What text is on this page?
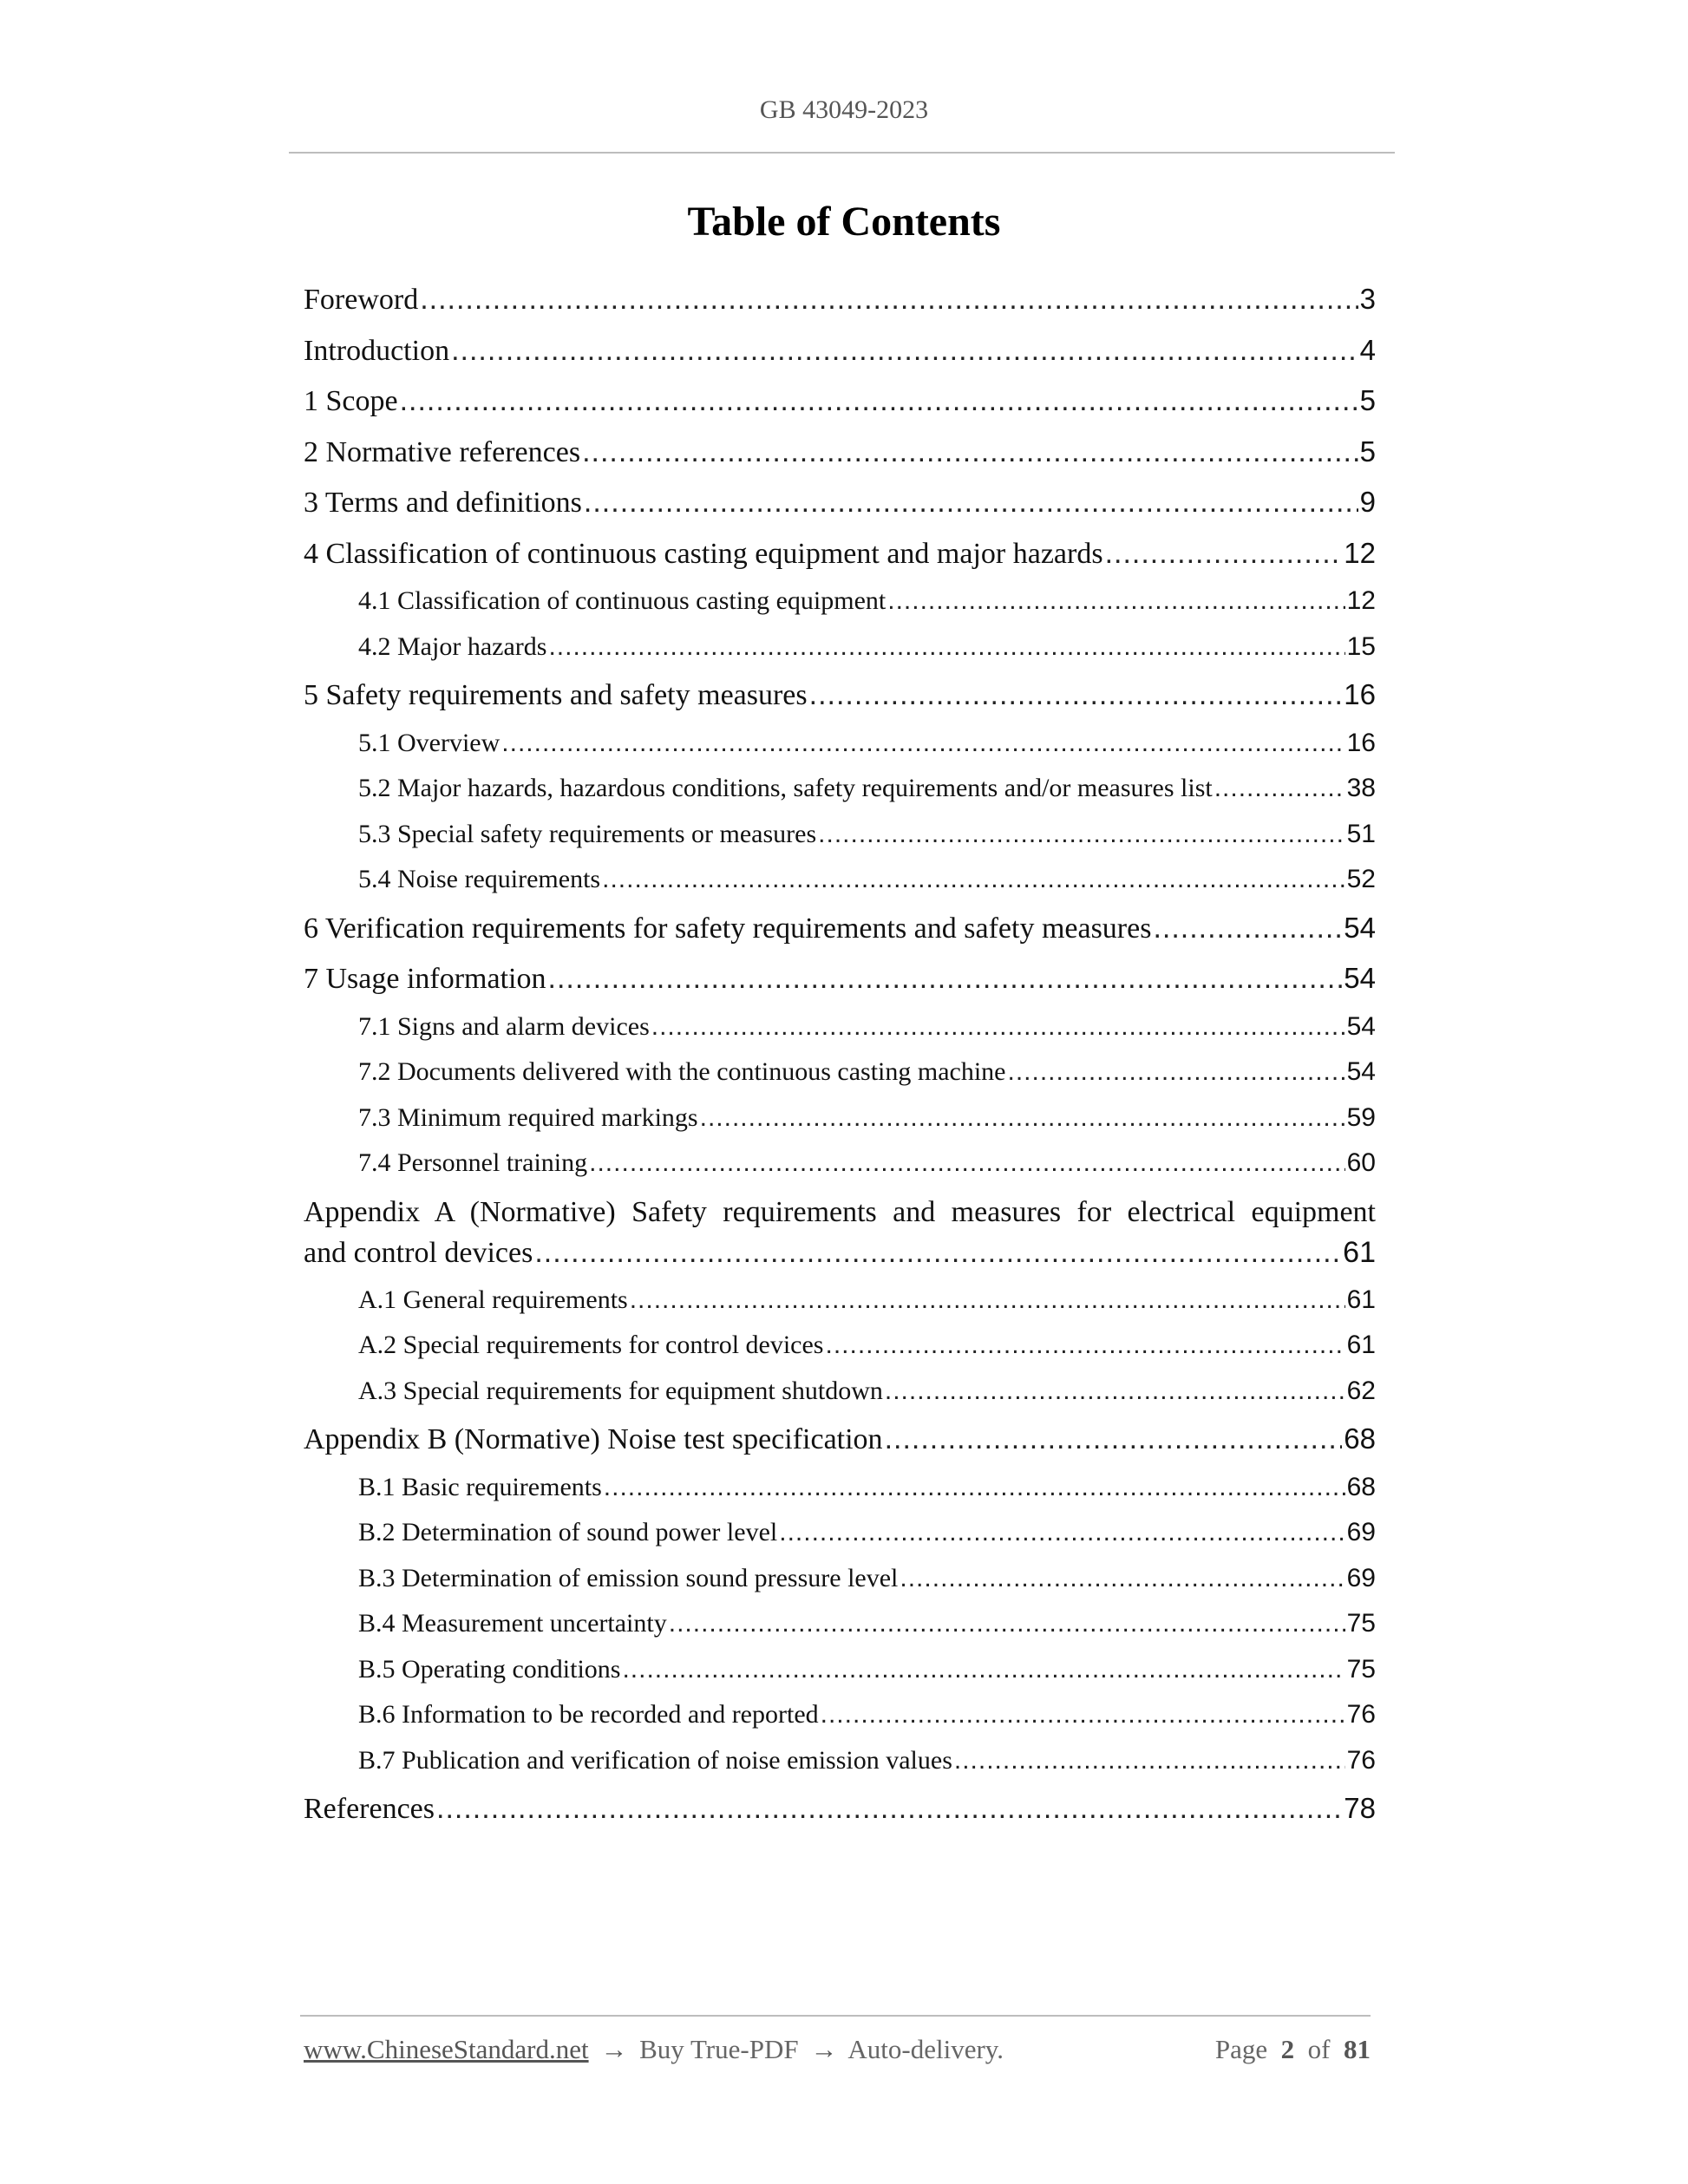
GB 43049-2023
Table of Contents
Foreword .....	3
Introduction .....	4
1 Scope .....	5
2 Normative references .....	5
3 Terms and definitions .....	9
4 Classification of continuous casting equipment and major hazards .....	12
4.1 Classification of continuous casting equipment .....	12
4.2 Major hazards .....	15
5 Safety requirements and safety measures .....	16
5.1 Overview .....	16
5.2 Major hazards, hazardous conditions, safety requirements and/or measures list .....	38
5.3 Special safety requirements or measures .....	51
5.4 Noise requirements .....	52
6 Verification requirements for safety requirements and safety measures .....	54
7 Usage information .....	54
7.1 Signs and alarm devices .....	54
7.2 Documents delivered with the continuous casting machine .....	54
7.3 Minimum required markings .....	59
7.4 Personnel training .....	60
Appendix A (Normative) Safety requirements and measures for electrical equipment
and control devices .....	61
A.1 General requirements .....	61
A.2 Special requirements for control devices .....	61
A.3 Special requirements for equipment shutdown .....	62
Appendix B (Normative) Noise test specification .....	68
B.1 Basic requirements .....	68
B.2 Determination of sound power level .....	69
B.3 Determination of emission sound pressure level .....	69
B.4 Measurement uncertainty .....	75
B.5 Operating conditions .....	75
B.6 Information to be recorded and reported .....	76
B.7 Publication and verification of noise emission values .....	76
References .....	78
www.ChineseStandard.net → Buy True-PDF → Auto-delivery.	Page 2 of 81
